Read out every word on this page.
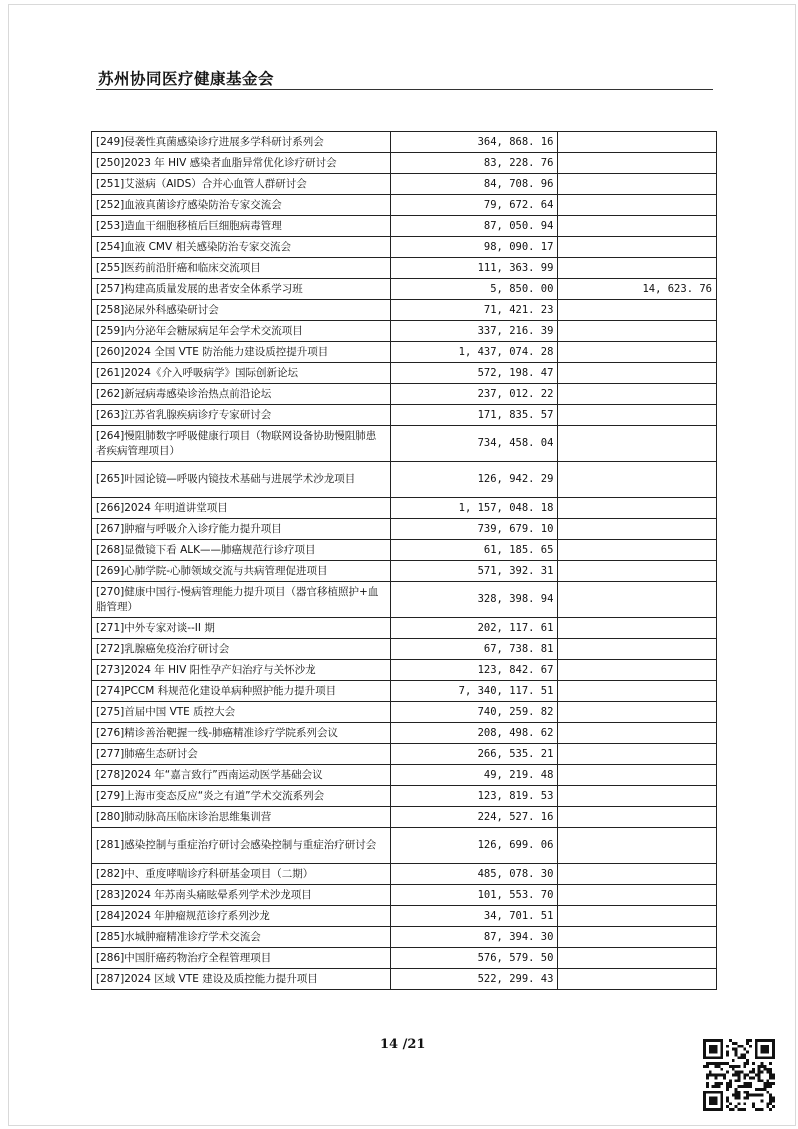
苏州协同医疗健康基金会
[249]侵袭性真菌感染诊疗进展多学科研讨系列会	364, 868. 16	
[250]2023 年 HIV 感染者血脂异常优化诊疗研讨会	83, 228. 76	
[251]艾滋病（AIDS）合并心血管人群研讨会	84, 708. 96	
[252]血液真菌诊疗感染防治专家交流会	79, 672. 64	
[253]造血干细胞移植后巨细胞病毒管理	87, 050. 94	
[254]血液 CMV 相关感染防治专家交流会	98, 090. 17	
[255]医药前沿肝癌和临床交流项目	111, 363. 99	
[257]构建高质量发展的患者安全体系学习班	5, 850. 00	14, 623. 76
[258]泌尿外科感染研讨会	71, 421. 23	
[259]内分泌年会糖尿病足年会学术交流项目	337, 216. 39	
[260]2024 全国 VTE 防治能力建设质控提升项目	1, 437, 074. 28	
[261]2024《介入呼吸病学》国际创新论坛	572, 198. 47	
[262]新冠病毒感染诊治热点前沿论坛	237, 012. 22	
[263]江苏省乳腺疾病诊疗专家研讨会	171, 835. 57	
[264]慢阻肺数字呼吸健康行项目（物联网设备协助慢阻肺患者疾病管理项目）	734, 458. 04	
[265]叶园论镜—呼吸内镜技术基础与进展学术沙龙项目	126, 942. 29	
[266]2024 年明道讲堂项目	1, 157, 048. 18	
[267]肿瘤与呼吸介入诊疗能力提升项目	739, 679. 10	
[268]显微镜下看 ALK——肺癌规范行诊疗项目	61, 185. 65	
[269]心肺学院-心肺领域交流与共病管理促进项目	571, 392. 31	
[270]健康中国行-慢病管理能力提升项目（器官移植照护+血脂管理）	328, 398. 94	
[271]中外专家对谈--II 期	202, 117. 61	
[272]乳腺癌免疫治疗研讨会	67, 738. 81	
[273]2024 年 HIV 阳性孕产妇治疗与关怀沙龙	123, 842. 67	
[274]PCCM 科规范化建设单病种照护能力提升项目	7, 340, 117. 51	
[275]首届中国 VTE 质控大会	740, 259. 82	
[276]精诊善治靶握一线-肺癌精准诊疗学院系列会议	208, 498. 62	
[277]肺癌生态研讨会	266, 535. 21	
[278]2024 年“嘉言致行”西南运动医学基础会议	49, 219. 48	
[279]上海市变态反应“炎之有道”学术交流系列会	123, 819. 53	
[280]肺动脉高压临床诊治思维集训营	224, 527. 16	
[281]感染控制与重症治疗研讨会感染控制与重症治疗研讨会	126, 699. 06	
[282]中、重度哮喘诊疗科研基金项目（二期）	485, 078. 30	
[283]2024 年苏南头痛眩晕系列学术沙龙项目	101, 553. 70	
[284]2024 年肿瘤规范诊疗系列沙龙	34, 701. 51	
[285]水城肿瘤精准诊疗学术交流会	87, 394. 30	
[286]中国肝癌药物治疗全程管理项目	576, 579. 50	
[287]2024 区域 VTE 建设及质控能力提升项目	522, 299. 43	
14 /21
